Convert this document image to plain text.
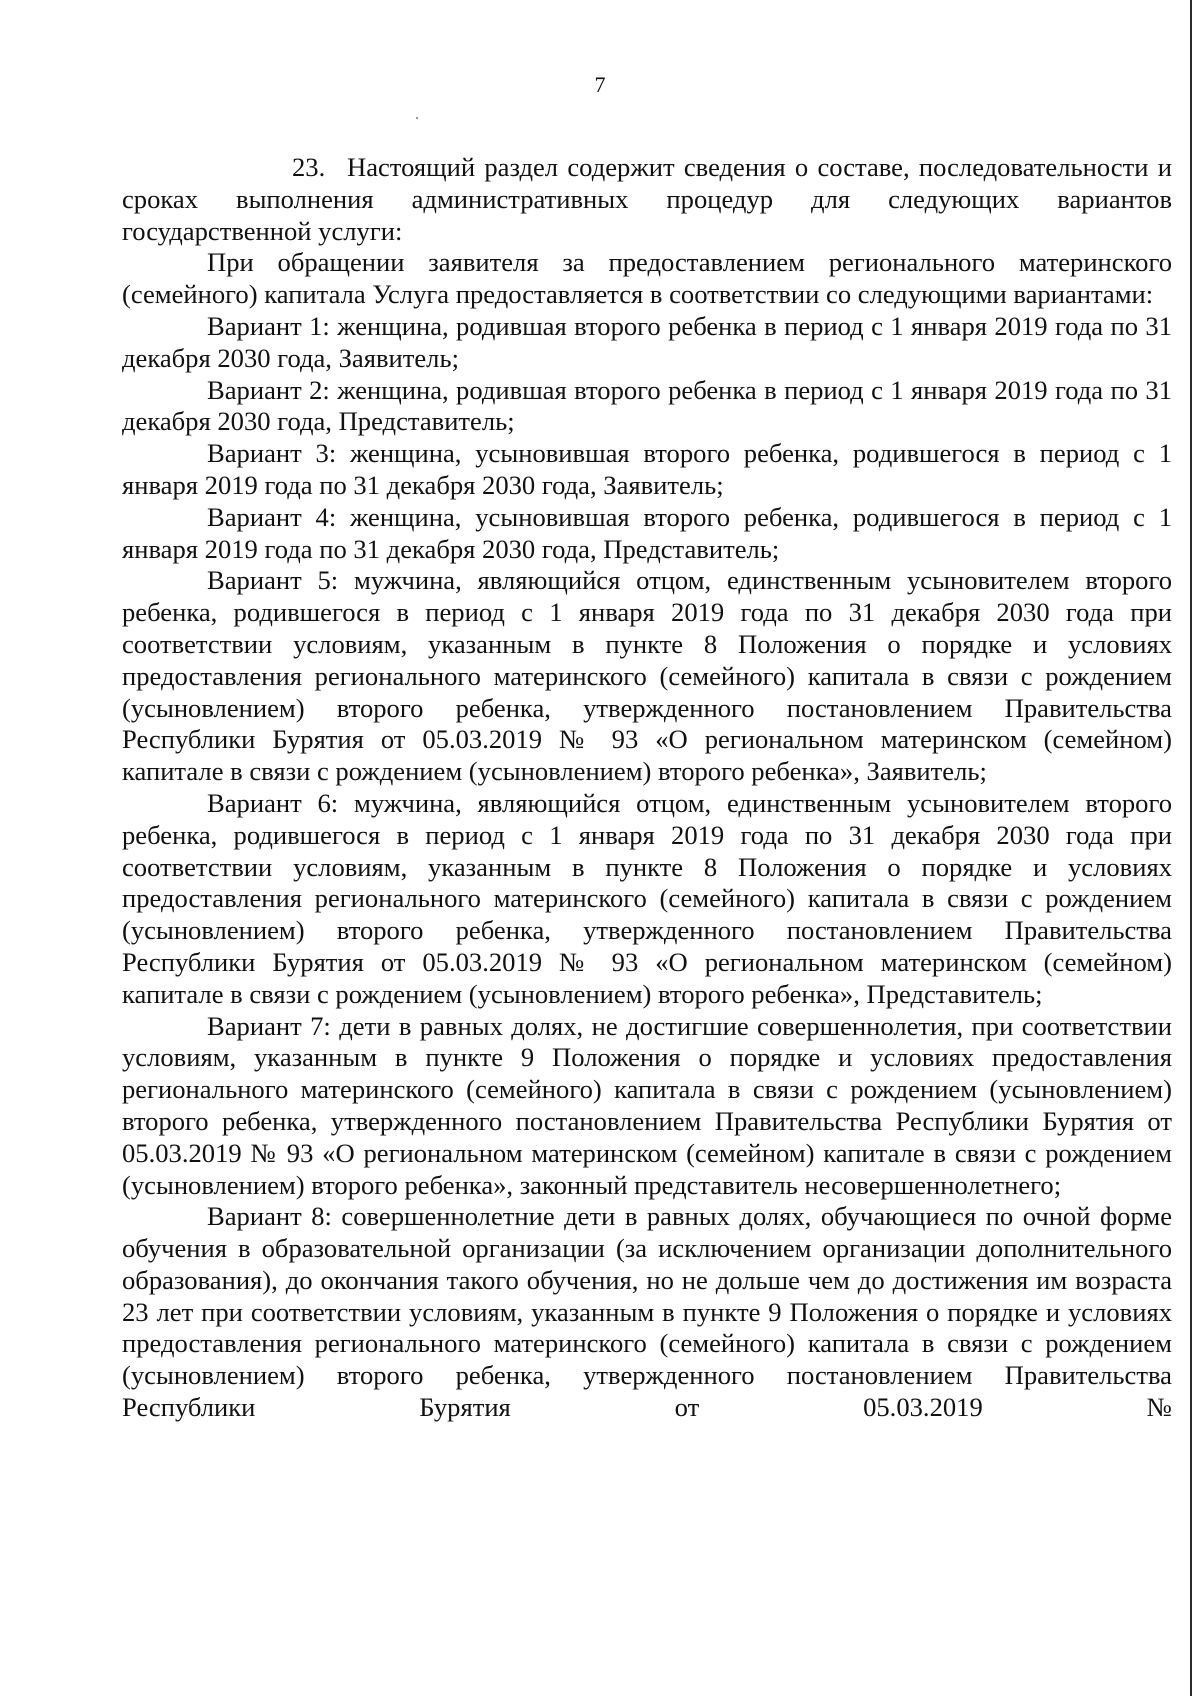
7

23. Настоящий раздел содержит сведения о составе, последовательности и сроках выполнения административных процедур для следующих вариантов государственной услуги:

При обращении заявителя за предоставлением регионального материнского (семейного) капитала Услуга предоставляется в соответствии со следующими вариантами:

Вариант 1: женщина, родившая второго ребенка в период с 1 января 2019 года по 31 декабря 2030 года, Заявитель;

Вариант 2: женщина, родившая второго ребенка в период с 1 января 2019 года по 31 декабря 2030 года, Представитель;

Вариант 3: женщина, усыновившая второго ребенка, родившегося в период с 1 января 2019 года по 31 декабря 2030 года, Заявитель;

Вариант 4: женщина, усыновившая второго ребенка, родившегося в период с 1 января 2019 года по 31 декабря 2030 года, Представитель;

Вариант 5: мужчина, являющийся отцом, единственным усыновителем второго ребенка, родившегося в период с 1 января 2019 года по 31 декабря 2030 года при соответствии условиям, указанным в пункте 8 Положения о порядке и условиях предоставления регионального материнского (семейного) капитала в связи с рождением (усыновлением) второго ребенка, утвержденного постановлением Правительства Республики Бурятия от 05.03.2019 № 93 «О региональном материнском (семейном) капитале в связи с рождением (усыновлением) второго ребенка», Заявитель;

Вариант 6: мужчина, являющийся отцом, единственным усыновителем второго ребенка, родившегося в период с 1 января 2019 года по 31 декабря 2030 года при соответствии условиям, указанным в пункте 8 Положения о порядке и условиях предоставления регионального материнского (семейного) капитала в связи с рождением (усыновлением) второго ребенка, утвержденного постановлением Правительства Республики Бурятия от 05.03.2019 № 93 «О региональном материнском (семейном) капитале в связи с рождением (усыновлением) второго ребенка», Представитель;

Вариант 7: дети в равных долях, не достигшие совершеннолетия, при соответствии условиям, указанным в пункте 9 Положения о порядке и условиях предоставления регионального материнского (семейного) капитала в связи с рождением (усыновлением) второго ребенка, утвержденного постановлением Правительства Республики Бурятия от 05.03.2019 № 93 «О региональном материнском (семейном) капитале в связи с рождением (усыновлением) второго ребенка», законный представитель несовершеннолетнего;

Вариант 8: совершеннолетние дети в равных долях, обучающиеся по очной форме обучения в образовательной организации (за исключением организации дополнительного образования), до окончания такого обучения, но не дольше чем до достижения им возраста 23 лет при соответствии условиям, указанным в пункте 9 Положения о порядке и условиях предоставления регионального материнского (семейного) капитала в связи с рождением (усыновлением) второго ребенка, утвержденного постановлением Правительства Республики Бурятия от 05.03.2019 №
